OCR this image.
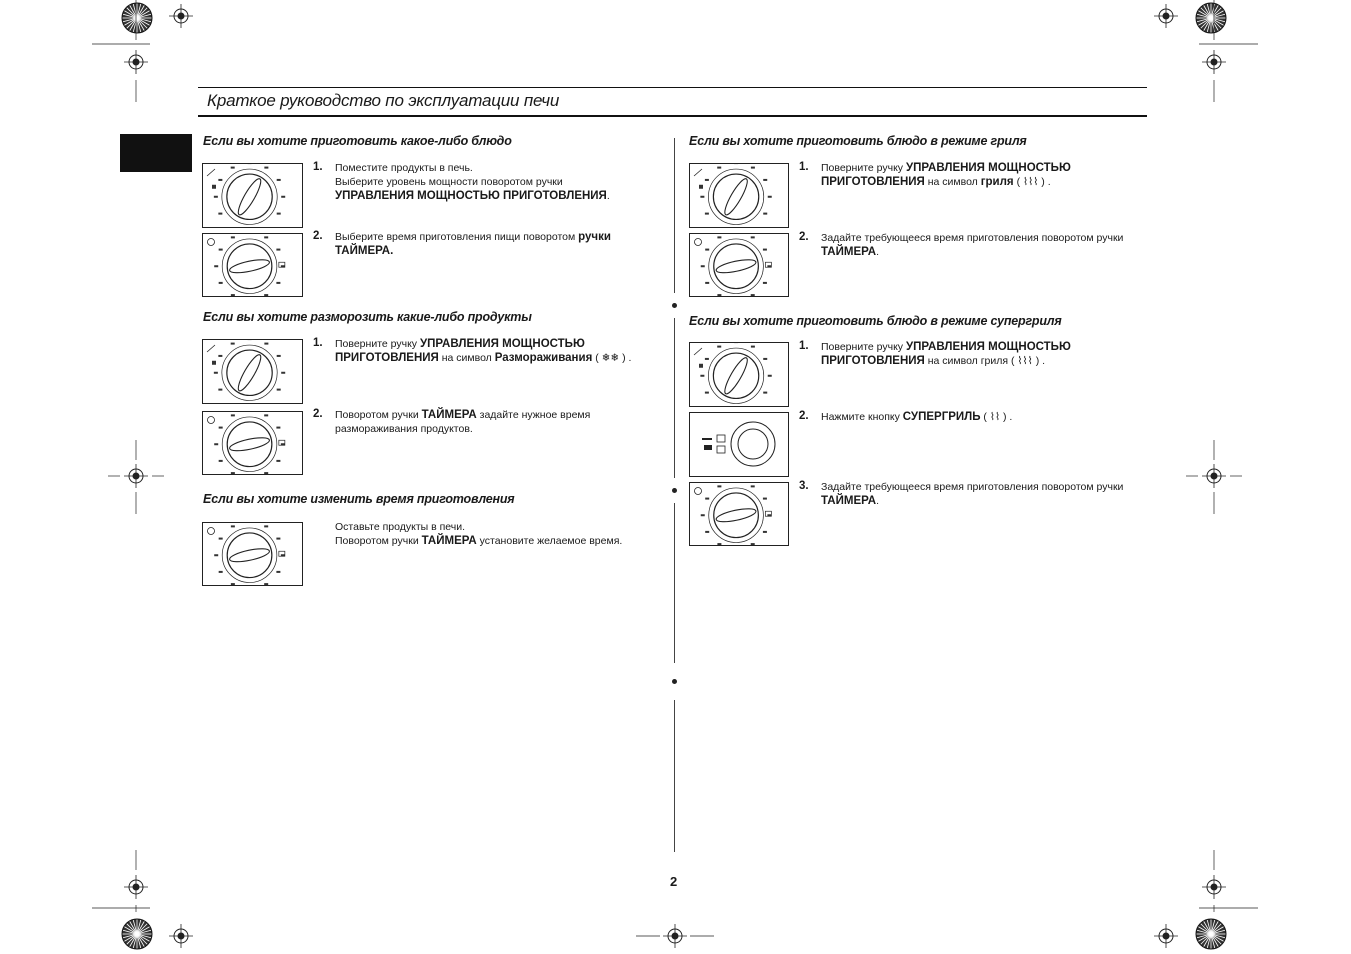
Краткое руководство по эксплуатации печи
Если вы хотите приготовить какое-либо блюдо
1.	Поместите продукты в печь.
Выберите уровень мощности поворотом ручки
УПРАВЛЕНИЯ МОЩНОСТЬЮ ПРИГОТОВЛЕНИЯ.
2.	Выберите время приготовления пищи поворотом ручки ТАЙМЕРА.
Если вы хотите разморозить какие-либо продукты
1.	Поверните ручку УПРАВЛЕНИЯ МОЩНОСТЬЮ ПРИГОТОВЛЕНИЯ на символ Размораживания ( ❄❄ ) .
2.	Поворотом ручки ТАЙМЕРА задайте нужное время размораживания продуктов.
Если вы хотите изменить время приготовления
Оставьте продукты в печи.
Поворотом ручки ТАЙМЕРА установите желаемое время.
Если вы хотите приготовить блюдо в режиме гриля
1.	Поверните ручку УПРАВЛЕНИЯ МОЩНОСТЬЮ ПРИГОТОВЛЕНИЯ на символ гриля ( ⌇⌇⌇ ) .
2.	Задайте требующееся время приготовления поворотом ручки ТАЙМЕРА.
Если вы хотите приготовить блюдо в режиме супергриля
1.	Поверните ручку УПРАВЛЕНИЯ МОЩНОСТЬЮ ПРИГОТОВЛЕНИЯ на символ гриля ( ⌇⌇⌇ ) .
2.	Нажмите кнопку СУПЕРГРИЛЬ ( ⌇⌇ ) .
3.	Задайте требующееся время приготовления поворотом ручки ТАЙМЕРА.
2
